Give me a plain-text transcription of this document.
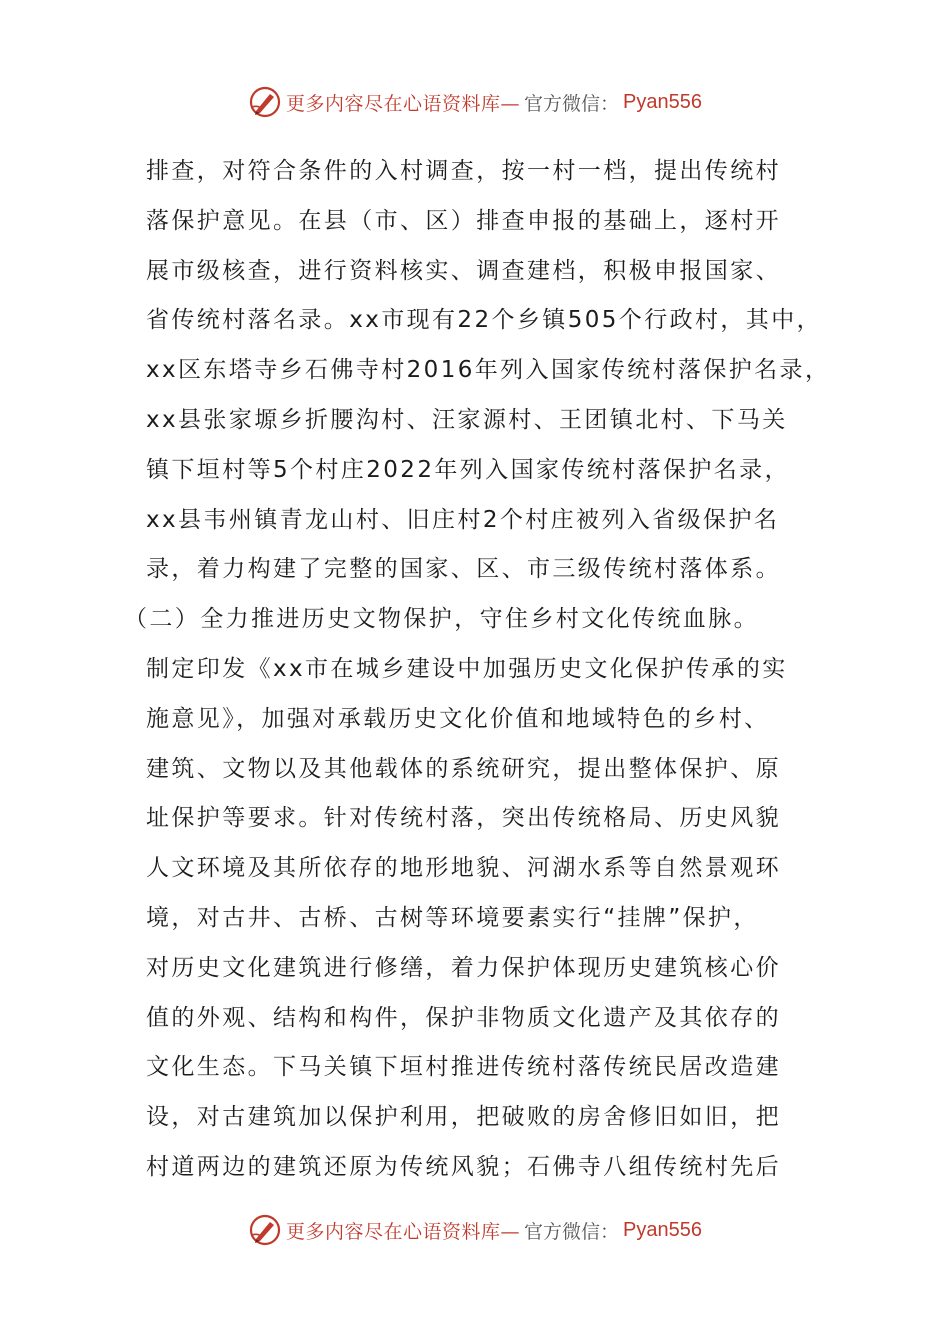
更多内容尽在心语资料库— 官方微信： Pyan556
排查，对符合条件的入村调查，按一村一档，提出传统村
落保护意见。在县（市、区）排查申报的基础上，逐村开
展市级核查，进行资料核实、调查建档，积极申报国家、
省传统村落名录。xx市现有22个乡镇505个行政村，其中，
xx区东塔寺乡石佛寺村2016年列入国家传统村落保护名录，
xx县张家塬乡折腰沟村、汪家源村、王团镇北村、下马关
镇下垣村等5个村庄2022年列入国家传统村落保护名录，
xx县韦州镇青龙山村、旧庄村2个村庄被列入省级保护名
录，着力构建了完整的国家、区、市三级传统村落体系。
（二）全力推进历史文物保护，守住乡村文化传统血脉。
制定印发《xx市在城乡建设中加强历史文化保护传承的实
施意见》，加强对承载历史文化价值和地域特色的乡村、
建筑、文物以及其他载体的系统研究，提出整体保护、原
址保护等要求。针对传统村落，突出传统格局、历史风貌
人文环境及其所依存的地形地貌、河湖水系等自然景观环
境，对古井、古桥、古树等环境要素实行“挂牌”保护，
对历史文化建筑进行修缮，着力保护体现历史建筑核心价
值的外观、结构和构件，保护非物质文化遗产及其依存的
文化生态。下马关镇下垣村推进传统村落传统民居改造建
设，对古建筑加以保护利用，把破败的房舍修旧如旧，把
村道两边的建筑还原为传统风貌；石佛寺八组传统村先后
更多内容尽在心语资料库— 官方微信： Pyan556
